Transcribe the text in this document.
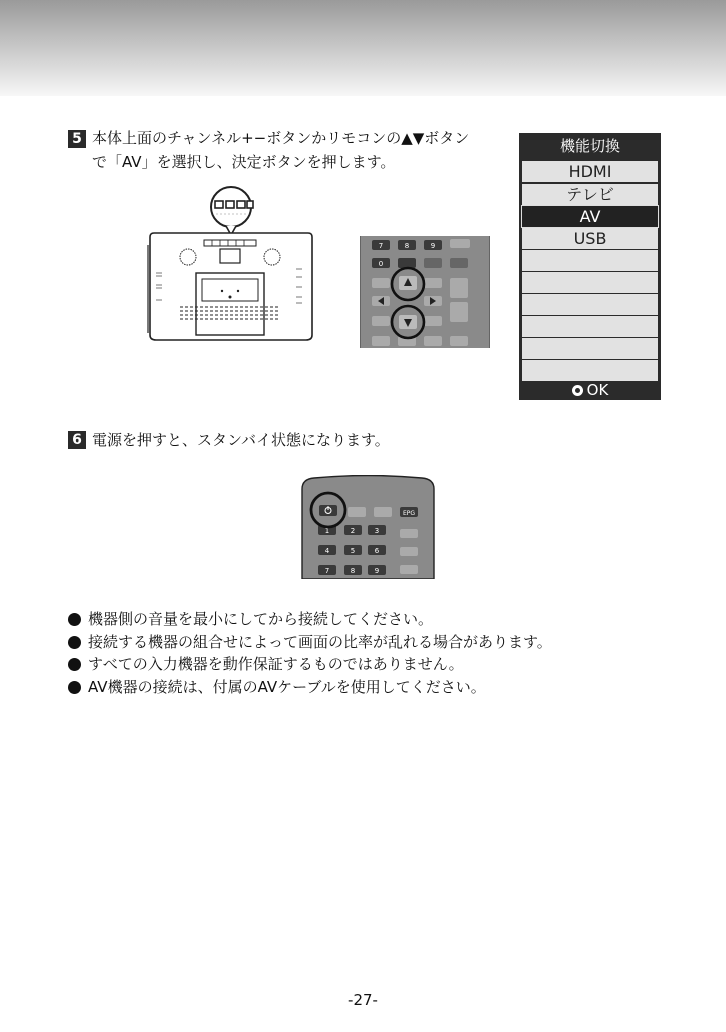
5 本体上面のチャンネル+−ボタンかリモコンの▲▼ボタン
で「AV」を選択し、決定ボタンを押します。
機能切換
HDMI
テレビ
AV
USB
OK
7	8	9
0
6 電源を押すと、スタンバイ状態になります。
EPG
1	2	3
4	5	6
7	8	9
機器側の音量を最小にしてから接続してください。
接続する機器の組合せによって画面の比率が乱れる場合があります。
すべての入力機器を動作保証するものではありません。
AV機器の接続は、付属のAVケーブルを使用してください。
-27-
